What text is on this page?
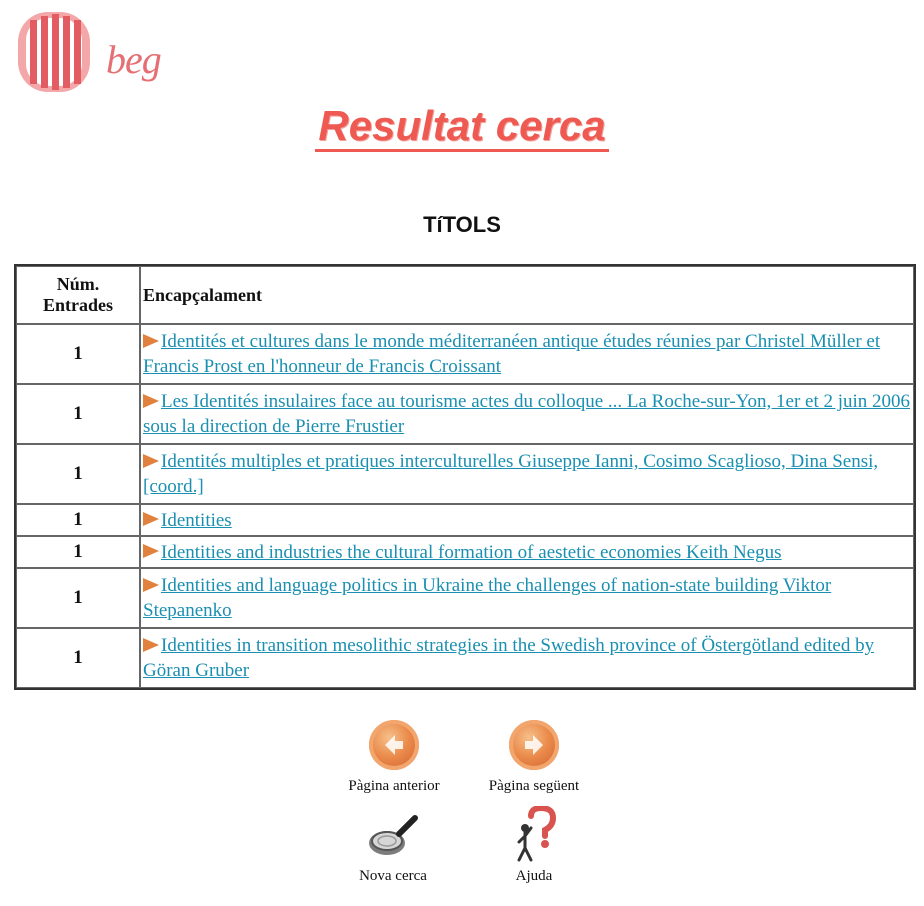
beg
Resultat cerca
TíTOLS
Núm.
Entrades	Encapçalament
1	Identités et cultures dans le monde méditerranéen antique études réunies par Christel Müller et Francis Prost en l'honneur de Francis Croissant
1	Les Identités insulaires face au tourisme actes du colloque ... La Roche-sur-Yon, 1er et 2 juin 2006 sous la direction de Pierre Frustier
1	Identités multiples et pratiques interculturelles Giuseppe Ianni, Cosimo Scaglioso, Dina Sensi, [coord.]
1	Identities
1	Identities and industries the cultural formation of aestetic economies Keith Negus
1	Identities and language politics in Ukraine the challenges of nation-state building Viktor Stepanenko
1	Identities in transition mesolithic strategies in the Swedish province of Östergötland edited by Göran Gruber
Pàgina anterior	Pàgina següent
Nova cerca	Ajuda
